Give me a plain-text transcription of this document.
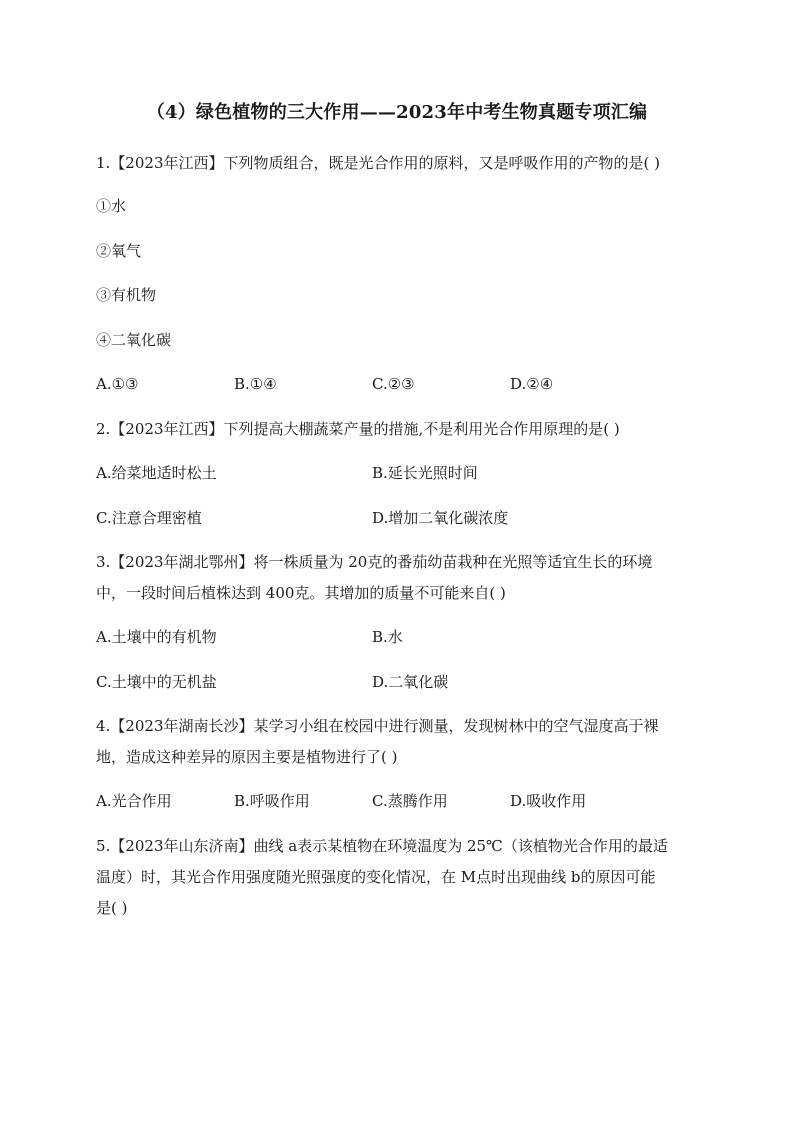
（4）绿色植物的三大作用——2023年中考生物真题专项汇编
1.【2023年江西】下列物质组合，既是光合作用的原料，又是呼吸作用的产物的是( )
①水
②氧气
③有机物
④二氧化碳
A.①③	B.①④	C.②③	D.②④
2.【2023年江西】下列提高大棚蔬菜产量的措施,不是利用光合作用原理的是( )
A.给菜地适时松土	B.延长光照时间
C.注意合理密植	D.增加二氧化碳浓度
3.【2023年湖北鄂州】将一株质量为 20克的番茄幼苗栽种在光照等适宜生长的环境
中，一段时间后植株达到 400克。其增加的质量不可能来自( )
A.土壤中的有机物	B.水
C.土壤中的无机盐	D.二氧化碳
4.【2023年湖南长沙】某学习小组在校园中进行测量，发现树林中的空气湿度高于裸
地，造成这种差异的原因主要是植物进行了( )
A.光合作用	B.呼吸作用	C.蒸腾作用	D.吸收作用
5.【2023年山东济南】曲线 a表示某植物在环境温度为 25℃（该植物光合作用的最适
温度）时，其光合作用强度随光照强度的变化情况，在 M点时出现曲线 b的原因可能
是( )
